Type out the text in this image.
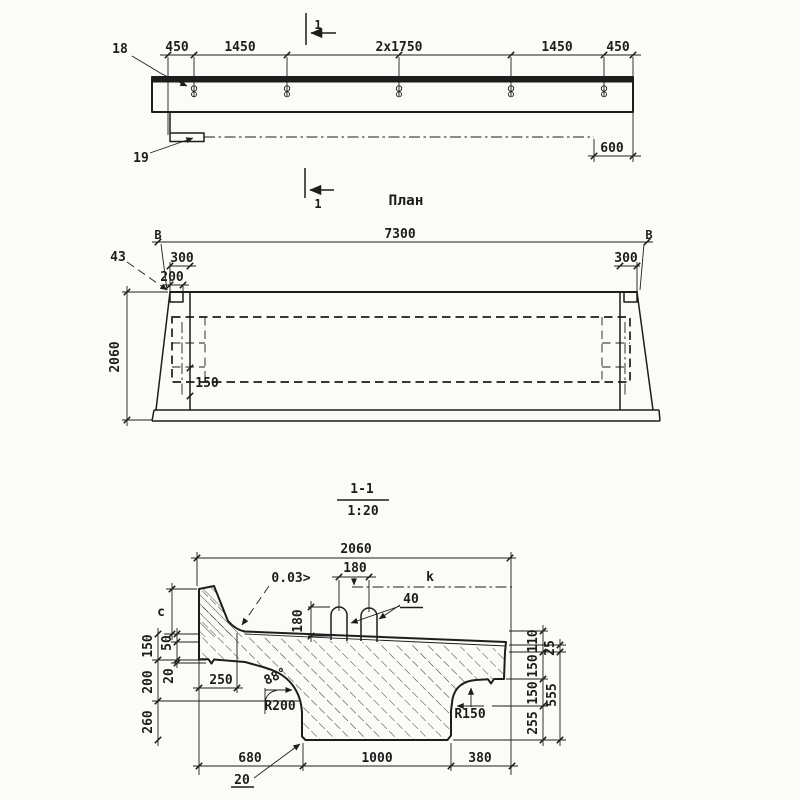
450	1450	2x1750	1450	450
600
18
19
1
1	План
7300
В	В
300	300
200
43
2060
150
1-1
1:20
2060
0.03>
180
180
40
k
c
150 50
20
200
260
250 88°
R200
R150
110
150
150
255
25
555
680	1000	380
20
